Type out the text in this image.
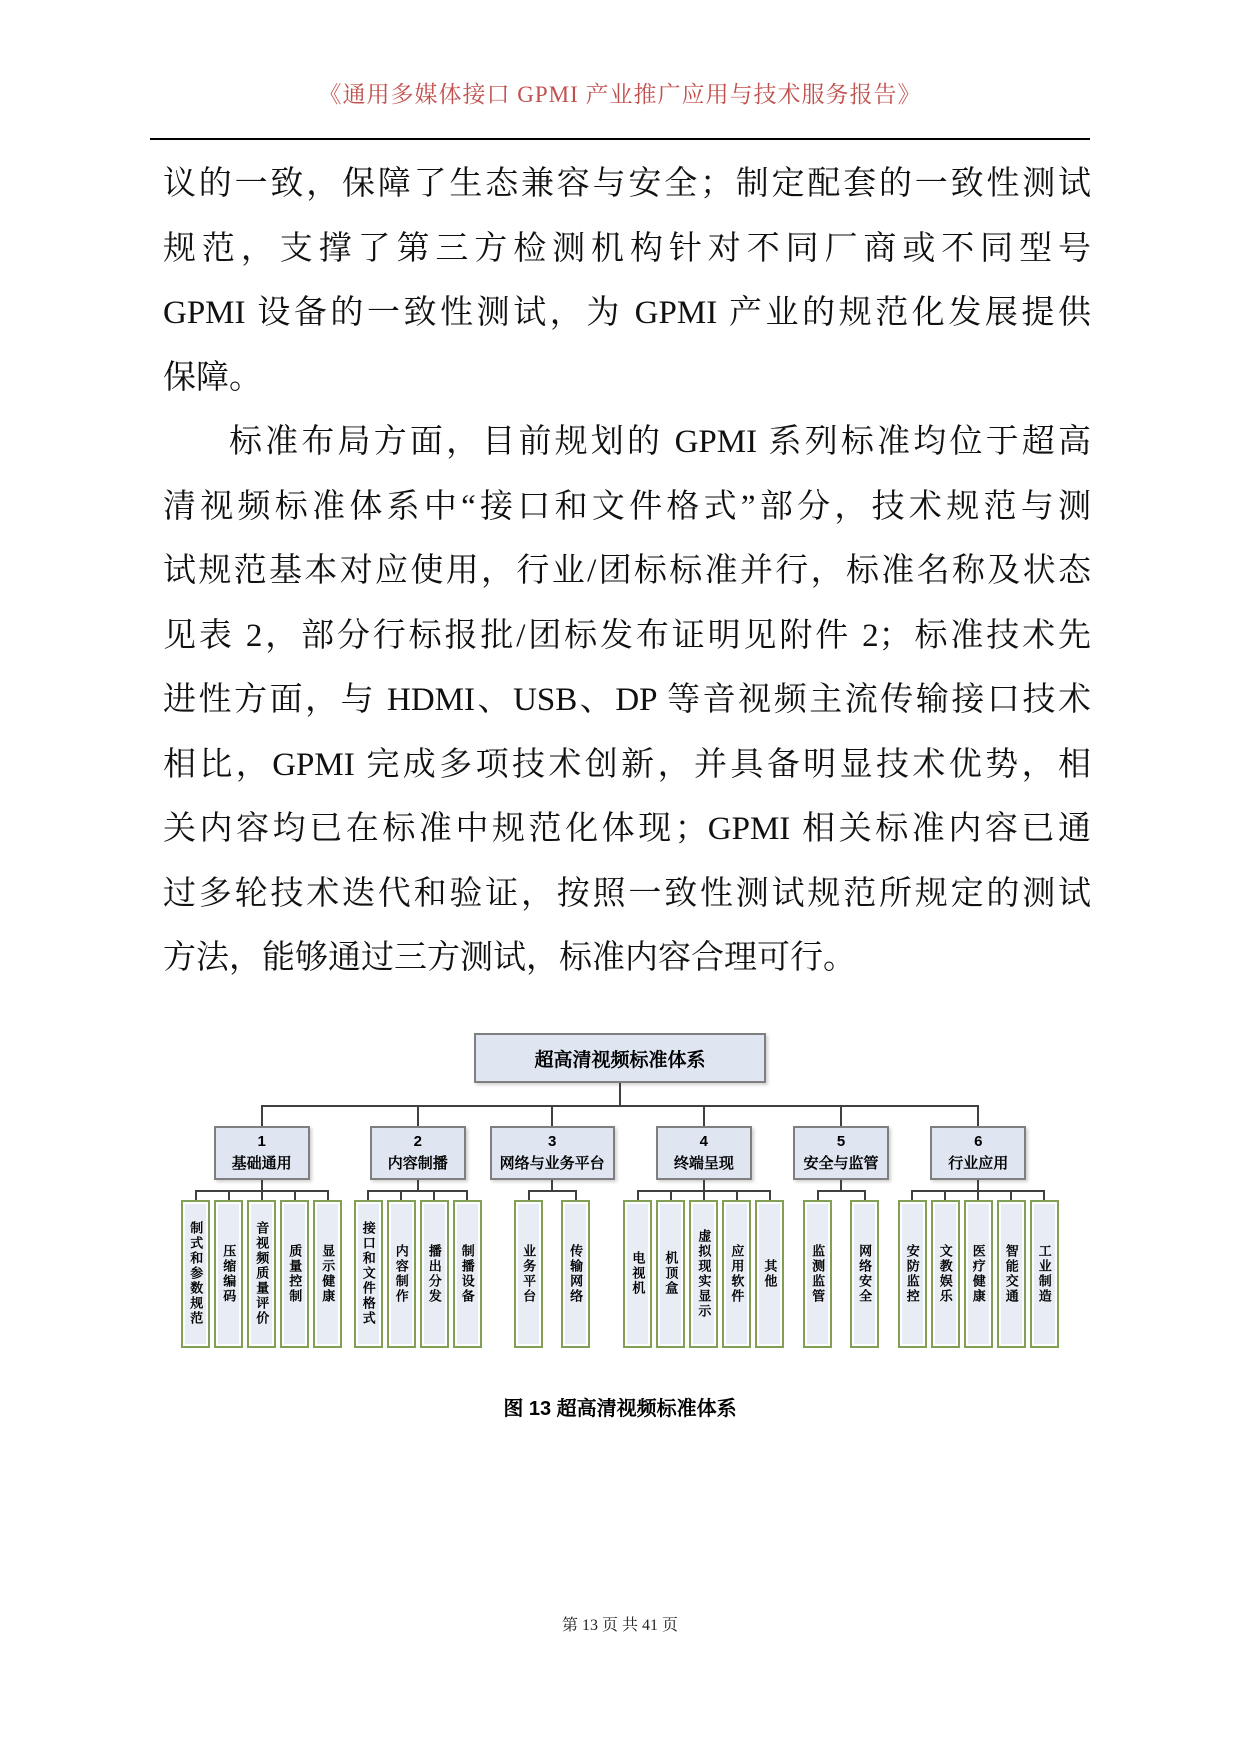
《通用多媒体接口 GPMI 产业推广应用与技术服务报告》
议的一致，保障了生态兼容与安全；制定配套的一致性测试
规范，支撑了第三方检测机构针对不同厂商或不同型号
GPMI 设备的一致性测试，为 GPMI 产业的规范化发展提供
保障。
标准布局方面，目前规划的 GPMI 系列标准均位于超高
清视频标准体系中“接口和文件格式”部分，技术规范与测
试规范基本对应使用，行业/团标标准并行，标准名称及状态
见表 2，部分行标报批/团标发布证明见附件 2；标准技术先
进性方面，与 HDMI、USB、DP 等音视频主流传输接口技术
相比，GPMI 完成多项技术创新，并具备明显技术优势，相
关内容均已在标准中规范化体现；GPMI 相关标准内容已通
过多轮技术迭代和验证，按照一致性测试规范所规定的测试
方法，能够通过三方测试，标准内容合理可行。
超高清视频标准体系
1
基础通用
制式和参数规范	压缩编码	音视频质量评价	质量控制	显示健康
2
内容制播
接口和文件格式	内容制作	播出分发	制播设备
3
网络与业务平台
业务平台	传输网络
4
终端呈现
电视机	机顶盒	虚拟现实显示	应用软件	其他
5
安全与监管
监测监管	网络安全
6
行业应用
安防监控	文教娱乐	医疗健康	智能交通	工业制造
图 13 超高清视频标准体系
第 13 页 共 41 页
